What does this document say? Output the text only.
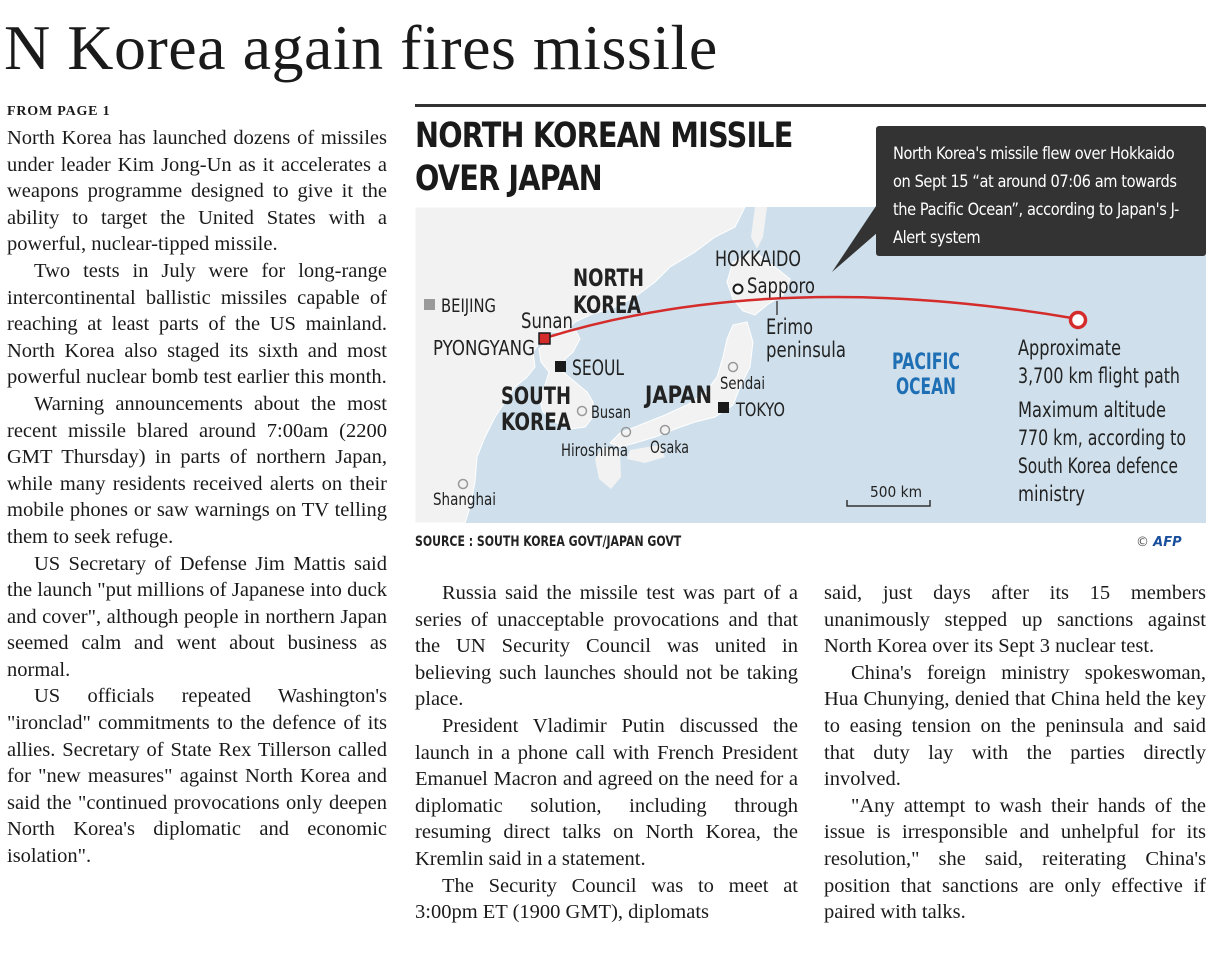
N Korea again fires missile
FROM PAGE 1

North Korea has launched dozens of missiles under leader Kim Jong-Un as it accelerates a weapons programme designed to give it the ability to target the United States with a powerful, nuclear-tipped missile.

Two tests in July were for long-range intercontinental ballistic missiles capable of reaching at least parts of the US mainland. North Korea also staged its sixth and most powerful nuclear bomb test earlier this month.

Warning announcements about the most recent missile blared around 7:00am (2200 GMT Thursday) in parts of northern Japan, while many residents received alerts on their mobile phones or saw warnings on TV telling them to seek refuge.

US Secretary of Defense Jim Mattis said the launch "put millions of Japanese into duck and cover", although people in northern Japan seemed calm and went about business as normal.

US officials repeated Washington's "ironclad" commitments to the defence of its allies. Secretary of State Rex Tillerson called for "new measures" against North Korea and said the "continued provocations only deepen North Korea's diplomatic and economic isolation".

Russia said the missile test was part of a series of unacceptable provocations and that the UN Security Council was united in believing such launches should not be taking place.

President Vladimir Putin discussed the launch in a phone call with French President Emanuel Macron and agreed on the need for a diplomatic solution, including through resuming direct talks on North Korea, the Kremlin said in a statement.

The Security Council was to meet at 3:00pm ET (1900 GMT), diplomats

said, just days after its 15 members unanimously stepped up sanctions against North Korea over its Sept 3 nuclear test.

China's foreign ministry spokeswoman, Hua Chunying, denied that China held the key to easing tension on the peninsula and said that duty lay with the parties directly involved.

"Any attempt to wash their hands of the issue is irresponsible and unhelpful for its resolution," she said, reiterating China's position that sanctions are only effective if paired with talks.

HOKKAIDO
Sapporo
NORTH
KOREA
BEIJING
Sunan
PYONGYANG
SEOUL
SOUTH
KOREA Busan
Hiroshima Osaka
JAPAN
TOKYO
Sendai
Erimo
peninsula PACIFIC
OCEAN
Shanghai	500 km
Approximate
3,700 km flight path
Maximum altitude
770 km, according to
South Korea defence
ministry
NORTH KOREAN MISSILE
OVER JAPAN
North Korea's missile flew over Hokkaido on Sept 15 “at around 07:06 am towards the Pacific Ocean”, according to Japan's J-Alert system
SOURCE : SOUTH KOREA GOVT/JAPAN GOVT	© AFP
